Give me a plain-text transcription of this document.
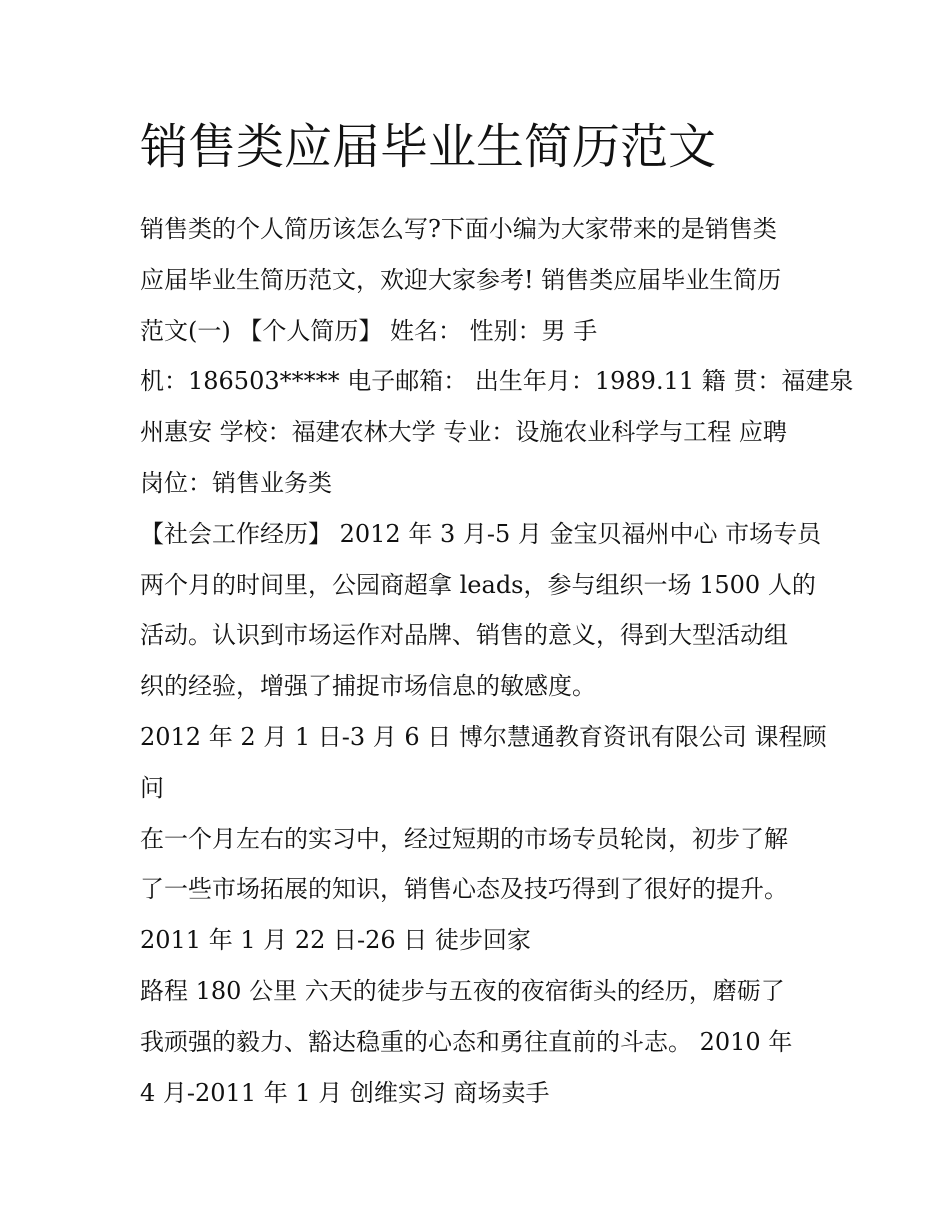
销售类应届毕业生简历范文
销售类的个人简历该怎么写?下面小编为大家带来的是销售类
应届毕业生简历范文，欢迎大家参考! 销售类应届毕业生简历
范文(一) 【个人简历】 姓名： 性别：男 手
机：186503***** 电子邮箱： 出生年月：1989.11 籍 贯：福建泉
州惠安 学校：福建农林大学 专业：设施农业科学与工程 应聘
岗位：销售业务类
【社会工作经历】 2012 年 3 月-5 月 金宝贝福州中心 市场专员
两个月的时间里，公园商超拿 leads，参与组织一场 1500 人的
活动。认识到市场运作对品牌、销售的意义，得到大型活动组
织的经验，增强了捕捉市场信息的敏感度。
2012 年 2 月 1 日-3 月 6 日 博尔慧通教育资讯有限公司 课程顾
问
在一个月左右的实习中，经过短期的市场专员轮岗，初步了解
了一些市场拓展的知识，销售心态及技巧得到了很好的提升。
2011 年 1 月 22 日-26 日 徒步回家
路程 180 公里 六天的徒步与五夜的夜宿街头的经历，磨砺了
我顽强的毅力、豁达稳重的心态和勇往直前的斗志。 2010 年
4 月-2011 年 1 月 创维实习 商场卖手
